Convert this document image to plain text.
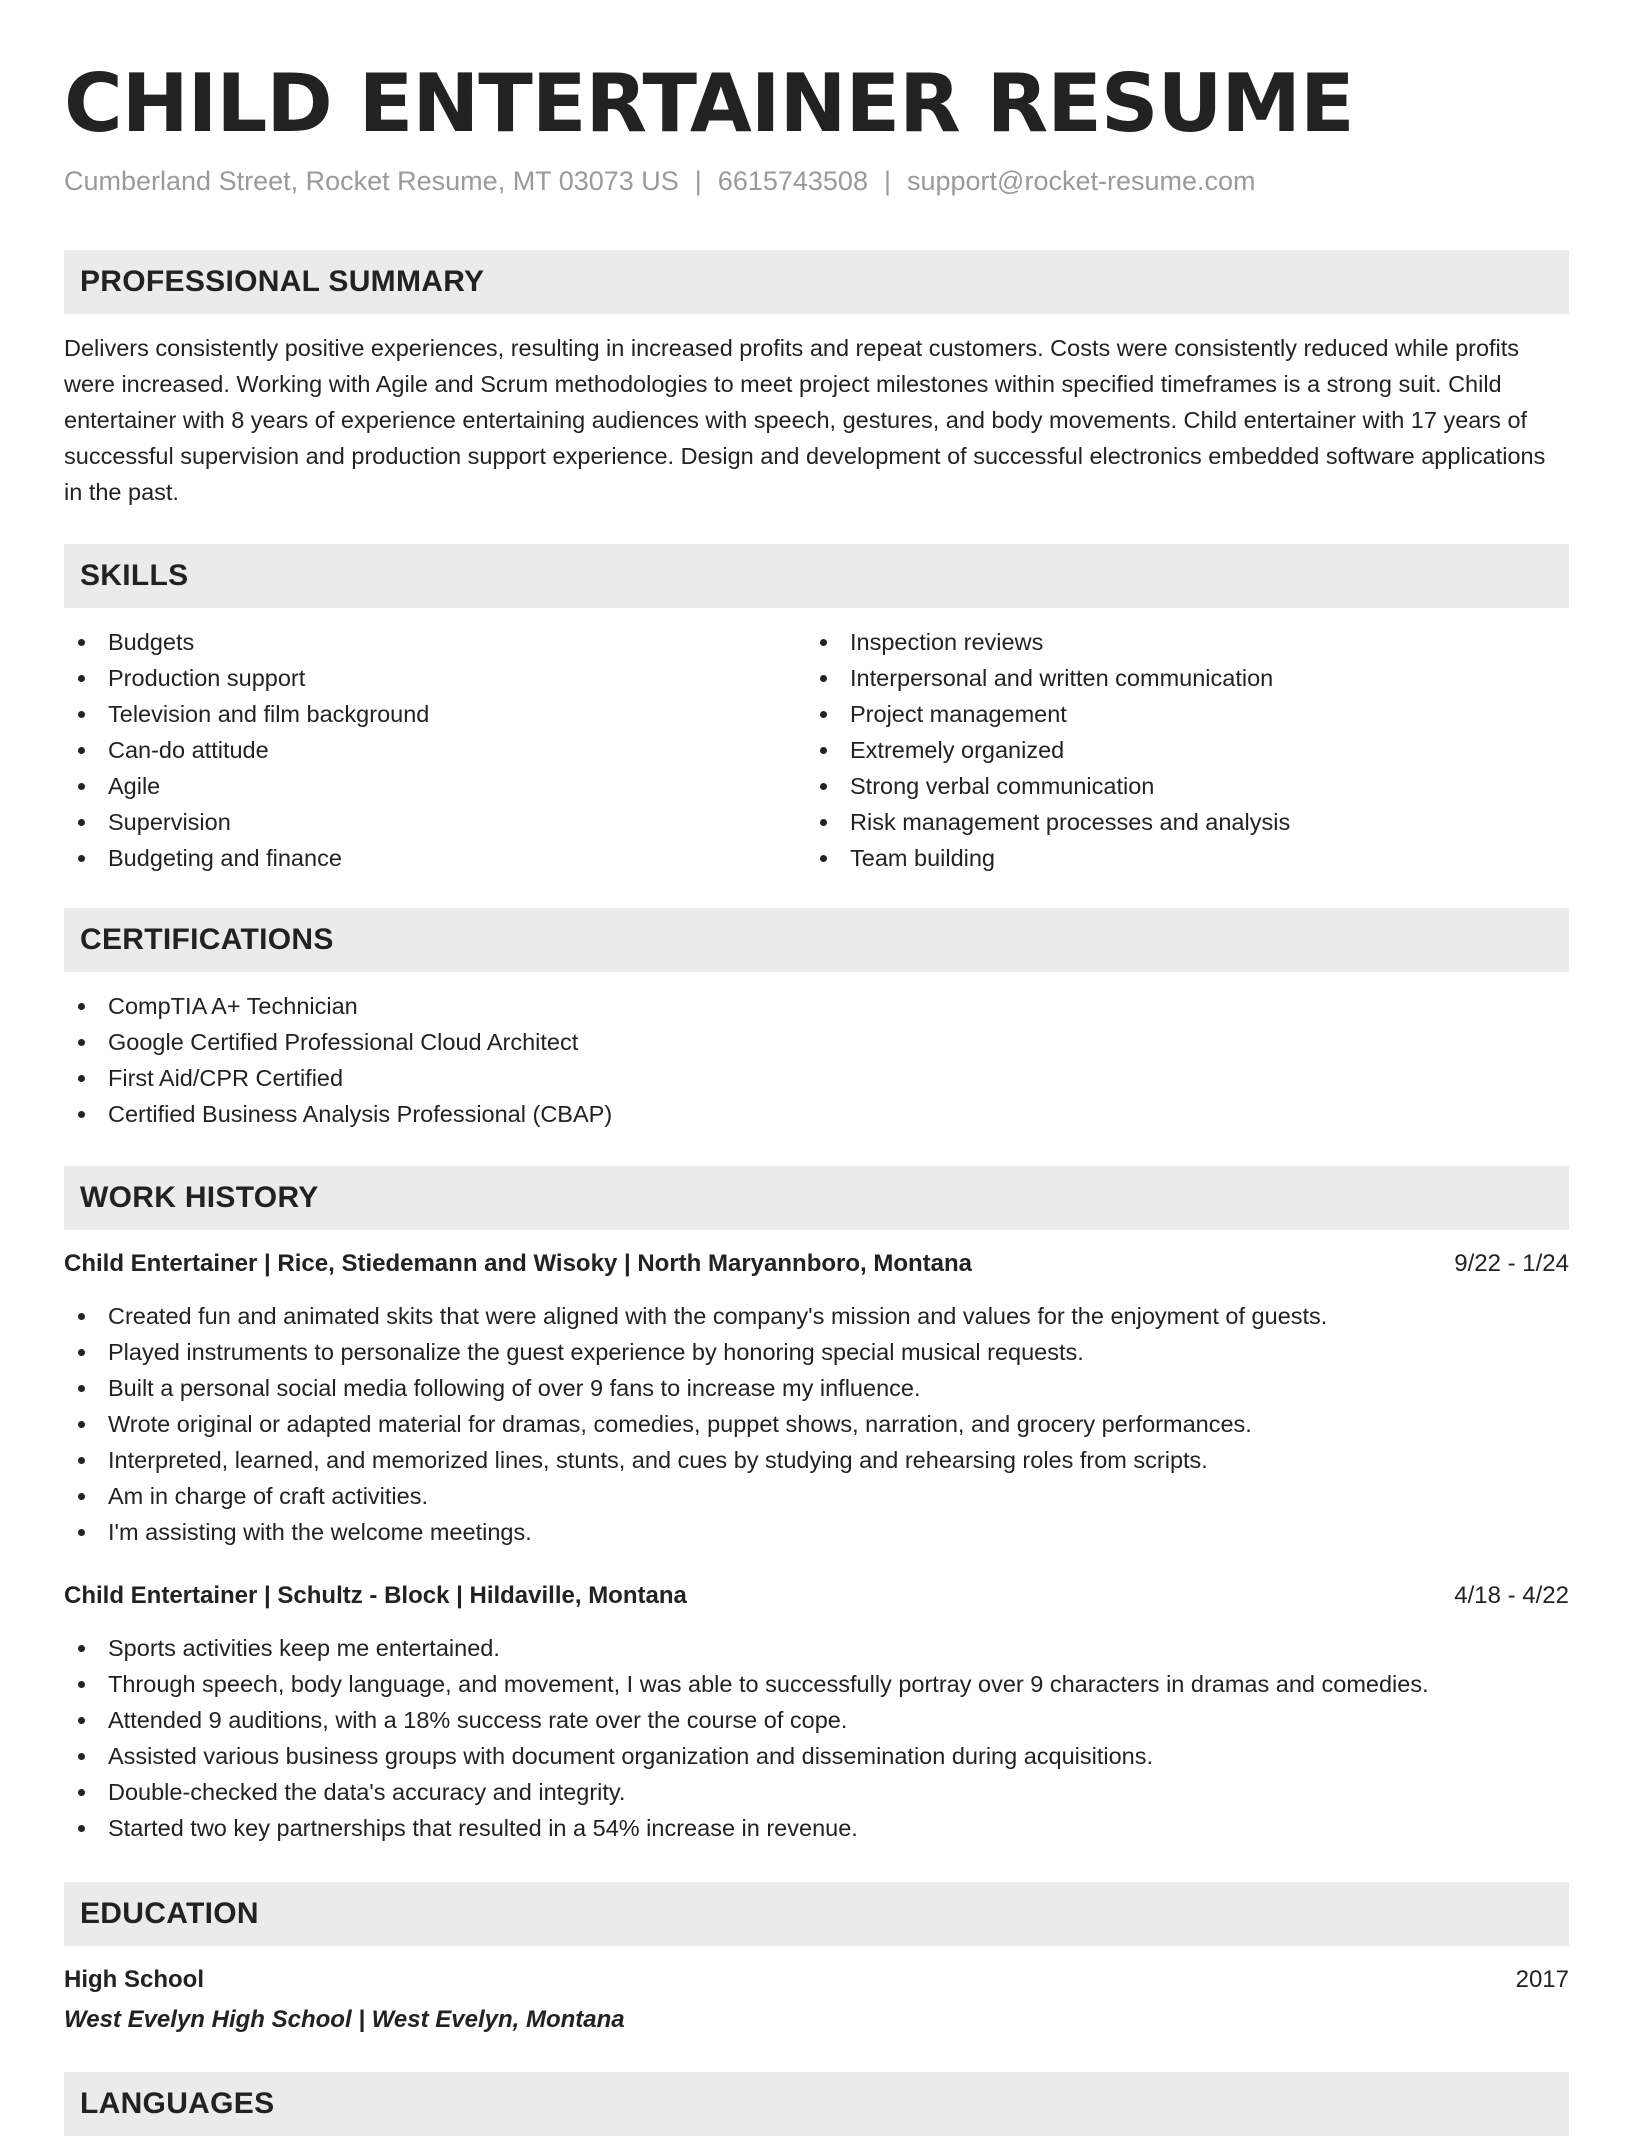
CHILD ENTERTAINER RESUME
Cumberland Street, Rocket Resume, MT 03073 US | 6615743508 | support@rocket-resume.com
PROFESSIONAL SUMMARY
Delivers consistently positive experiences, resulting in increased profits and repeat customers. Costs were consistently reduced while profits were increased. Working with Agile and Scrum methodologies to meet project milestones within specified timeframes is a strong suit. Child entertainer with 8 years of experience entertaining audiences with speech, gestures, and body movements. Child entertainer with 17 years of successful supervision and production support experience. Design and development of successful electronics embedded software applications in the past.
SKILLS
Budgets
Production support
Television and film background
Can-do attitude
Agile
Supervision
Budgeting and finance
Inspection reviews
Interpersonal and written communication
Project management
Extremely organized
Strong verbal communication
Risk management processes and analysis
Team building
CERTIFICATIONS
CompTIA A+ Technician
Google Certified Professional Cloud Architect
First Aid/CPR Certified
Certified Business Analysis Professional (CBAP)
WORK HISTORY
Child Entertainer | Rice, Stiedemann and Wisoky | North Maryannboro, Montana	9/22 - 1/24
Created fun and animated skits that were aligned with the company's mission and values for the enjoyment of guests.
Played instruments to personalize the guest experience by honoring special musical requests.
Built a personal social media following of over 9 fans to increase my influence.
Wrote original or adapted material for dramas, comedies, puppet shows, narration, and grocery performances.
Interpreted, learned, and memorized lines, stunts, and cues by studying and rehearsing roles from scripts.
Am in charge of craft activities.
I'm assisting with the welcome meetings.
Child Entertainer | Schultz - Block | Hildaville, Montana	4/18 - 4/22
Sports activities keep me entertained.
Through speech, body language, and movement, I was able to successfully portray over 9 characters in dramas and comedies.
Attended 9 auditions, with a 18% success rate over the course of cope.
Assisted various business groups with document organization and dissemination during acquisitions.
Double-checked the data's accuracy and integrity.
Started two key partnerships that resulted in a 54% increase in revenue.
EDUCATION
High School	2017
West Evelyn High School | West Evelyn, Montana
LANGUAGES
